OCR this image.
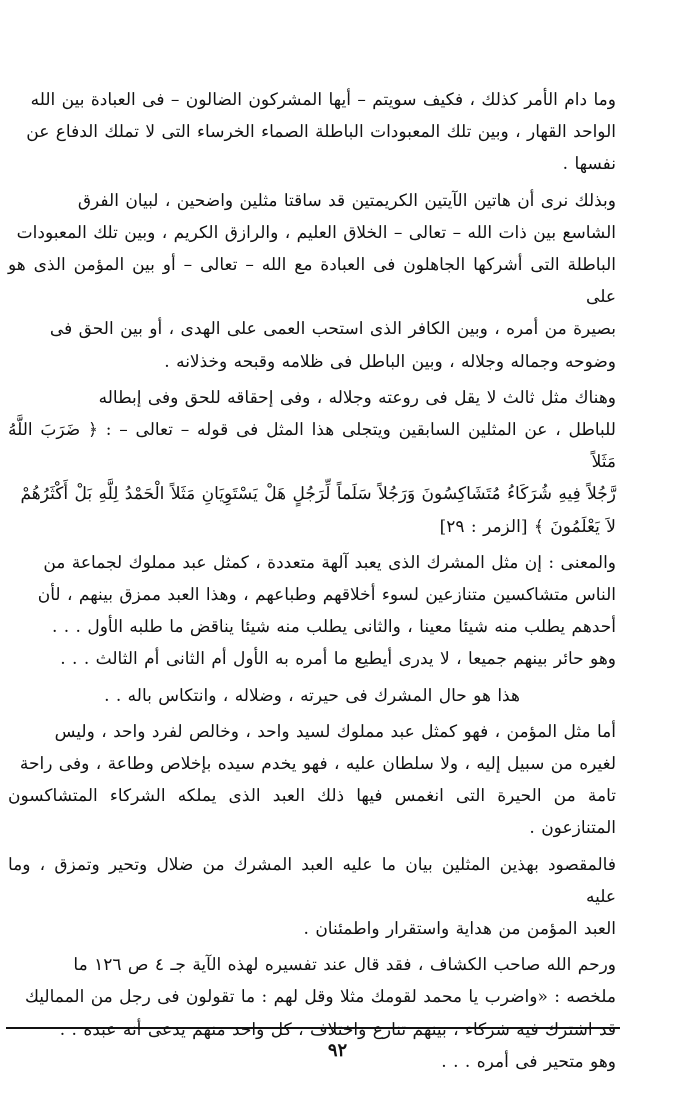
وما دام الأمر كذلك ، فكيف سويتم – أيها المشركون الضالون – فى العبادة بين الله
الواحد القهار ، وبين تلك المعبودات الباطلة الصماء الخرساء التى لا تملك الدفاع عن
نفسها .

وبذلك نرى أن هاتين الآيتين الكريمتين قد ساقتا مثلين واضحين ، لبيان الفرق
الشاسع بين ذات الله – تعالى – الخلاق العليم ، والرازق الكريم ، وبين تلك المعبودات
الباطلة التى أشركها الجاهلون فى العبادة مع الله – تعالى – أو بين المؤمن الذى هو على
بصيرة من أمره ، وبين الكافر الذى استحب العمى على الهدى ، أو بين الحق فى
وضوحه وجماله وجلاله ، وبين الباطل فى ظلامه وقبحه وخذلانه .

وهناك مثل ثالث لا يقل فى روعته وجلاله ، وفى إحقاقه للحق وفى إبطاله
للباطل ، عن المثلين السابقين ويتجلى هذا المثل فى قوله – تعالى – : ﴿ ضَرَبَ اللَّهُ مَثَلاً
رَّجُلاً فِيهِ شُرَكَاءُ مُتَشَاكِسُونَ وَرَجُلاً سَلَماً لِّرَجُلٍ هَلْ يَسْتَوِيَانِ مَثَلاً الْحَمْدُ لِلَّهِ بَلْ أَكْثَرُهُمْ
لاَ يَعْلَمُونَ ﴾ [الزمر : ٢٩]

والمعنى : إن مثل المشرك الذى يعبد آلهة متعددة ، كمثل عبد مملوك لجماعة من
الناس متشاكسين متنازعين لسوء أخلاقهم وطباعهم ، وهذا العبد ممزق بينهم ، لأن
أحدهم يطلب منه شيئا معينا ، والثانى يطلب منه شيئا يناقض ما طلبه الأول . . .
وهو حائر بينهم جميعا ، لا يدرى أيطيع ما أمره به الأول أم الثانى أم الثالث . . .

هذا هو حال المشرك فى حيرته ، وضلاله ، وانتكاس باله . .

أما مثل المؤمن ، فهو كمثل عبد مملوك لسيد واحد ، وخالص لفرد واحد ، وليس
لغيره من سبيل إليه ، ولا سلطان عليه ، فهو يخدم سيده بإخلاص وطاعة ، وفى راحة
تامة من الحيرة التى انغمس فيها ذلك العبد الذى يملكه الشركاء المتشاكسون المتنازعون .

فالمقصود بهذين المثلين بيان ما عليه العبد المشرك من ضلال وتحير وتمزق ، وما عليه
العبد المؤمن من هداية واستقرار واطمئنان .

ورحم الله صاحب الكشاف ، فقد قال عند تفسيره لهذه الآية جـ ٤ ص ١٢٦ ما
ملخصه : «واضرب يا محمد لقومك مثلا وقل لهم : ما تقولون فى رجل من المماليك
قد اشترك فيه شركاء ، بينهم تنازع واختلاف ، كل واحد منهم يدعى أنه عبده . .
وهو متحير فى أمره . . .

٩٢
